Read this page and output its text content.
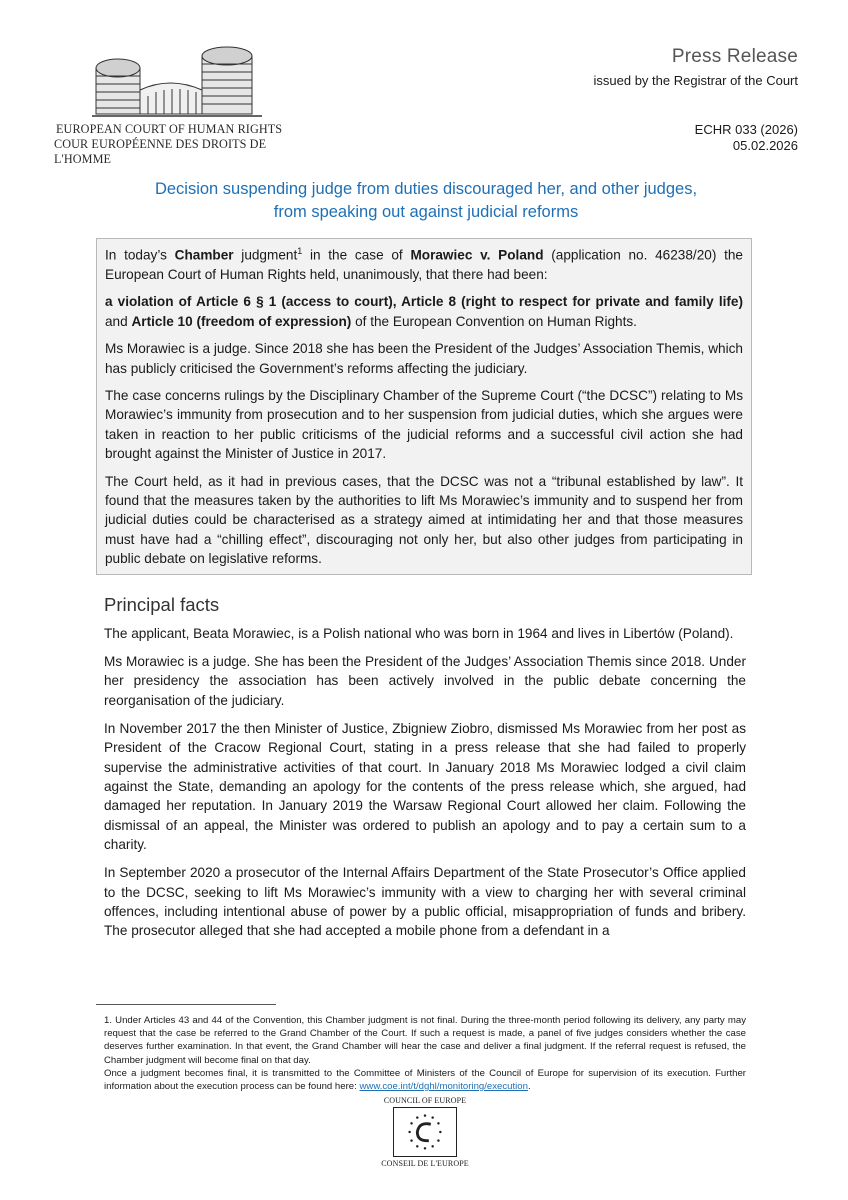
EUROPEAN COURT OF HUMAN RIGHTS
COUR EUROPÉENNE DES DROITS DE L'HOMME
Press Release
issued by the Registrar of the Court
ECHR 033 (2026)
05.02.2026
Decision suspending judge from duties discouraged her, and other judges,
from speaking out against judicial reforms

In today’s Chamber judgment$^1$ in the case of Morawiec v. Poland (application no. 46238/20) the European Court of Human Rights held, unanimously, that there had been:

a violation of Article 6 § 1 (access to court), Article 8 (right to respect for private and family life) and Article 10 (freedom of expression) of the European Convention on Human Rights.

Ms Morawiec is a judge. Since 2018 she has been the President of the Judges’ Association Themis, which has publicly criticised the Government’s reforms affecting the judiciary.

The case concerns rulings by the Disciplinary Chamber of the Supreme Court (“the DCSC”) relating to Ms Morawiec’s immunity from prosecution and to her suspension from judicial duties, which she argues were taken in reaction to her public criticisms of the judicial reforms and a successful civil action she had brought against the Minister of Justice in 2017.

The Court held, as it had in previous cases, that the DCSC was not a “tribunal established by law”. It found that the measures taken by the authorities to lift Ms Morawiec’s immunity and to suspend her from judicial duties could be characterised as a strategy aimed at intimidating her and that those measures must have had a “chilling effect”, discouraging not only her, but also other judges from participating in public debate on legislative reforms.

Principal facts

The applicant, Beata Morawiec, is a Polish national who was born in 1964 and lives in Libertów (Poland).

Ms Morawiec is a judge. She has been the President of the Judges’ Association Themis since 2018. Under her presidency the association has been actively involved in the public debate concerning the reorganisation of the judiciary.

In November 2017 the then Minister of Justice, Zbigniew Ziobro, dismissed Ms Morawiec from her post as President of the Cracow Regional Court, stating in a press release that she had failed to properly supervise the administrative activities of that court. In January 2018 Ms Morawiec lodged a civil claim against the State, demanding an apology for the contents of the press release which, she argued, had damaged her reputation. In January 2019 the Warsaw Regional Court allowed her claim. Following the dismissal of an appeal, the Minister was ordered to publish an apology and to pay a certain sum to a charity.

In September 2020 a prosecutor of the Internal Affairs Department of the State Prosecutor’s Office applied to the DCSC, seeking to lift Ms Morawiec’s immunity with a view to charging her with several criminal offences, including intentional abuse of power by a public official, misappropriation of funds and bribery. The prosecutor alleged that she had accepted a mobile phone from a defendant in a

1. Under Articles 43 and 44 of the Convention, this Chamber judgment is not final. During the three-month period following its delivery, any party may request that the case be referred to the Grand Chamber of the Court. If such a request is made, a panel of five judges considers whether the case deserves further examination. In that event, the Grand Chamber will hear the case and deliver a final judgment. If the referral request is refused, the Chamber judgment will become final on that day.

Once a judgment becomes final, it is transmitted to the Committee of Ministers of the Council of Europe for supervision of its execution. Further information about the execution process can be found here: www.coe.int/t/dghl/monitoring/execution.

COUNCIL OF EUROPE
CONSEIL DE L'EUROPE
